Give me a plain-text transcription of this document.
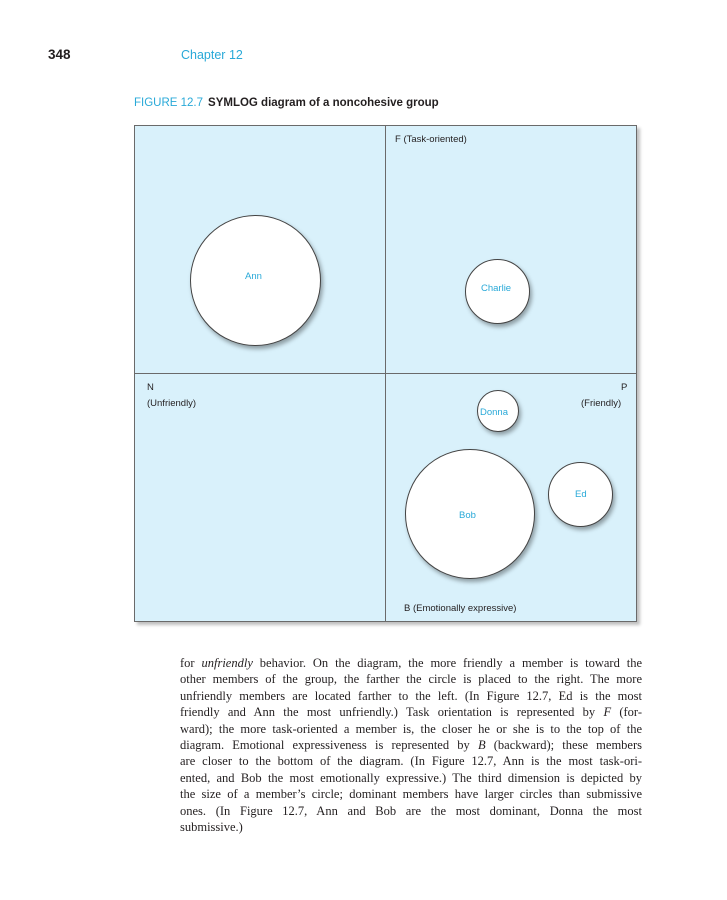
348	Chapter 12
FIGURE 12.7 SYMLOG diagram of a noncohesive group
F (Task-oriented)
B (Emotionally expressive)
N
(Unfriendly)
P
(Friendly)
Ann
Charlie
Donna
Ed
Bob

for unfriendly behavior. On the diagram, the more friendly a member is toward the
other members of the group, the farther the circle is placed to the right. The more
unfriendly members are located farther to the left. (In Figure 12.7, Ed is the most
friendly and Ann the most unfriendly.) Task orientation is represented by F (for-
ward); the more task-oriented a member is, the closer he or she is to the top of the
diagram. Emotional expressiveness is represented by B (backward); these members
are closer to the bottom of the diagram. (In Figure 12.7, Ann is the most task-ori-
ented, and Bob the most emotionally expressive.) The third dimension is depicted by
the size of a member’s circle; dominant members have larger circles than submissive
ones. (In Figure 12.7, Ann and Bob are the most dominant, Donna the most
submissive.)
